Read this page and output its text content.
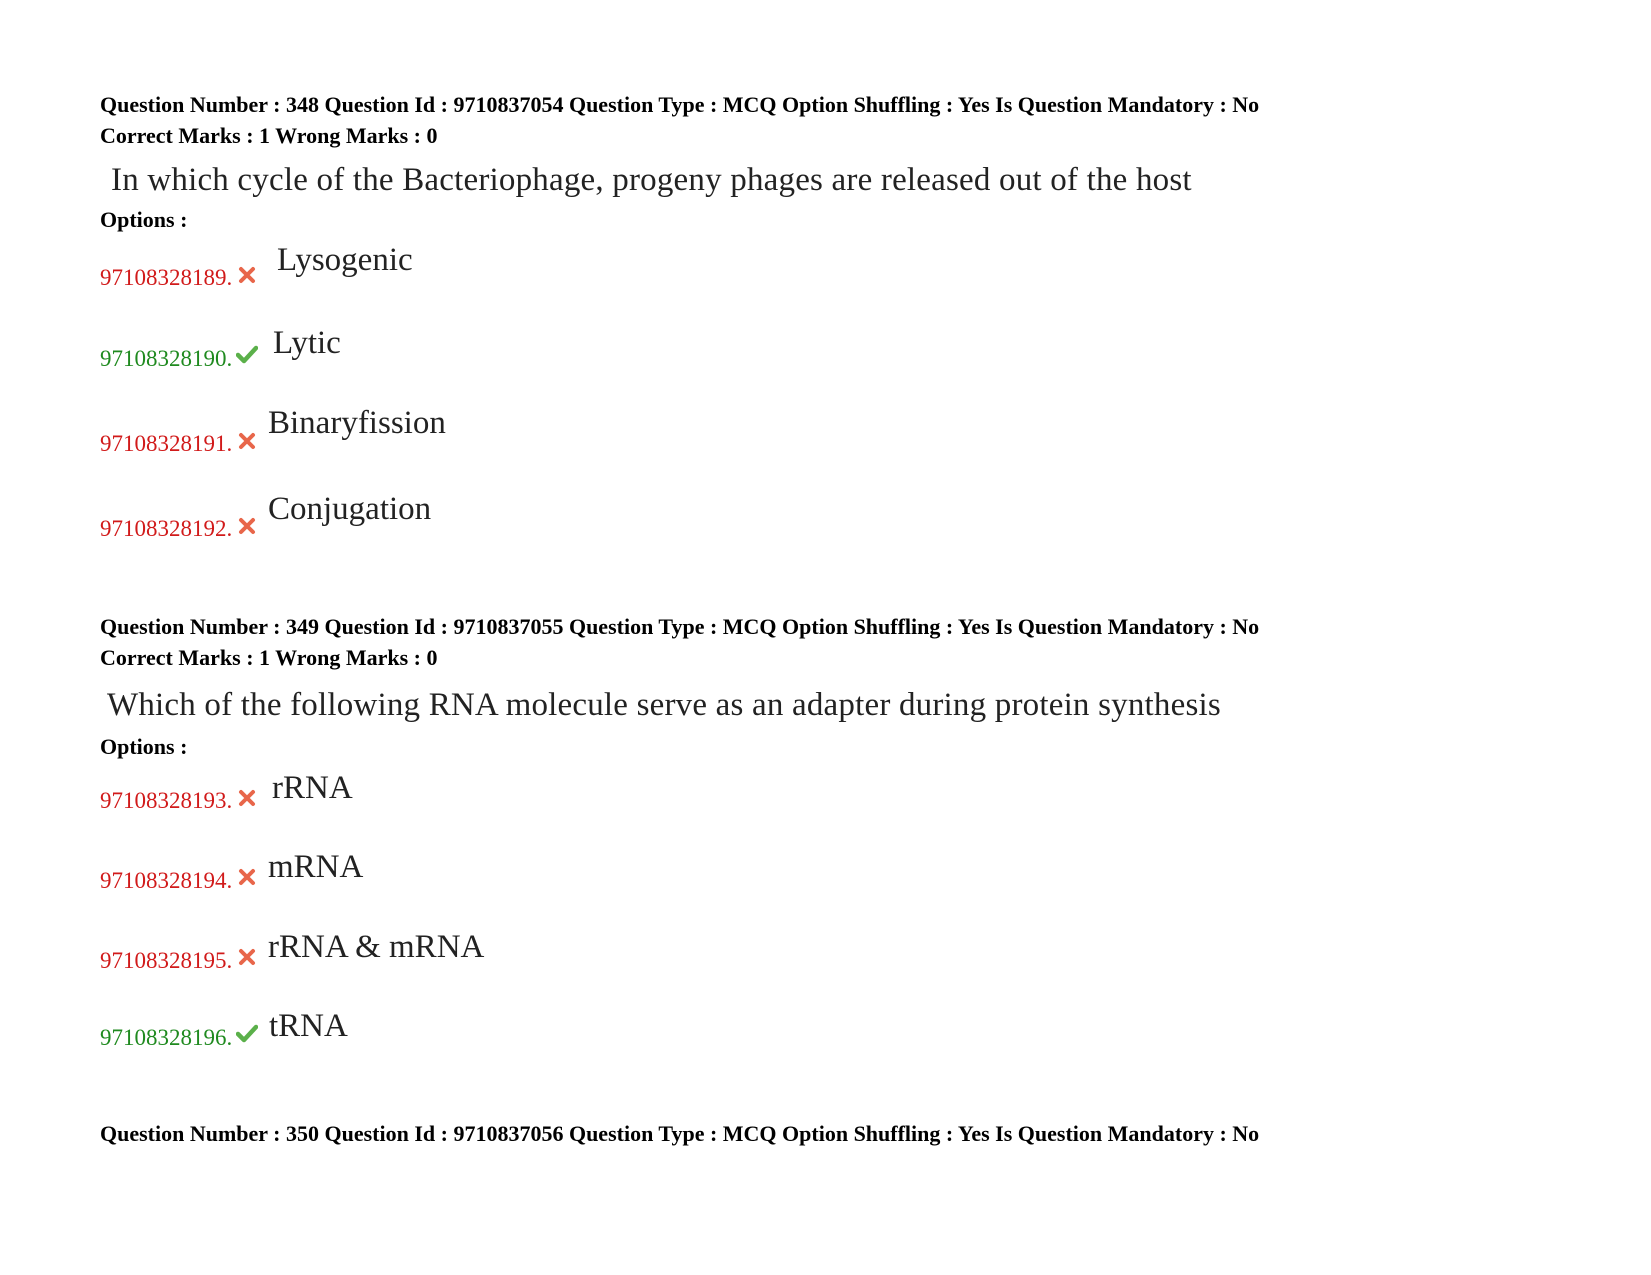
Question Number : 348 Question Id : 9710837054 Question Type : MCQ Option Shuffling : Yes Is Question Mandatory : No
Correct Marks : 1 Wrong Marks : 0
In which cycle of the Bacteriophage, progeny phages are released out of the host
Options :
97108328189. Lysogenic
97108328190. Lytic
97108328191.
Binaryfission
97108328192.
Conjugation
Question Number : 349 Question Id : 9710837055 Question Type : MCQ Option Shuffling : Yes Is Question Mandatory : No
Correct Marks : 1 Wrong Marks : 0
Which of the following RNA molecule serve as an adapter during protein synthesis
Options :
97108328193. rRNA
97108328194. mRNA
97108328195. rRNA & mRNA
97108328196. tRNA
Question Number : 350 Question Id : 9710837056 Question Type : MCQ Option Shuffling : Yes Is Question Mandatory : No
